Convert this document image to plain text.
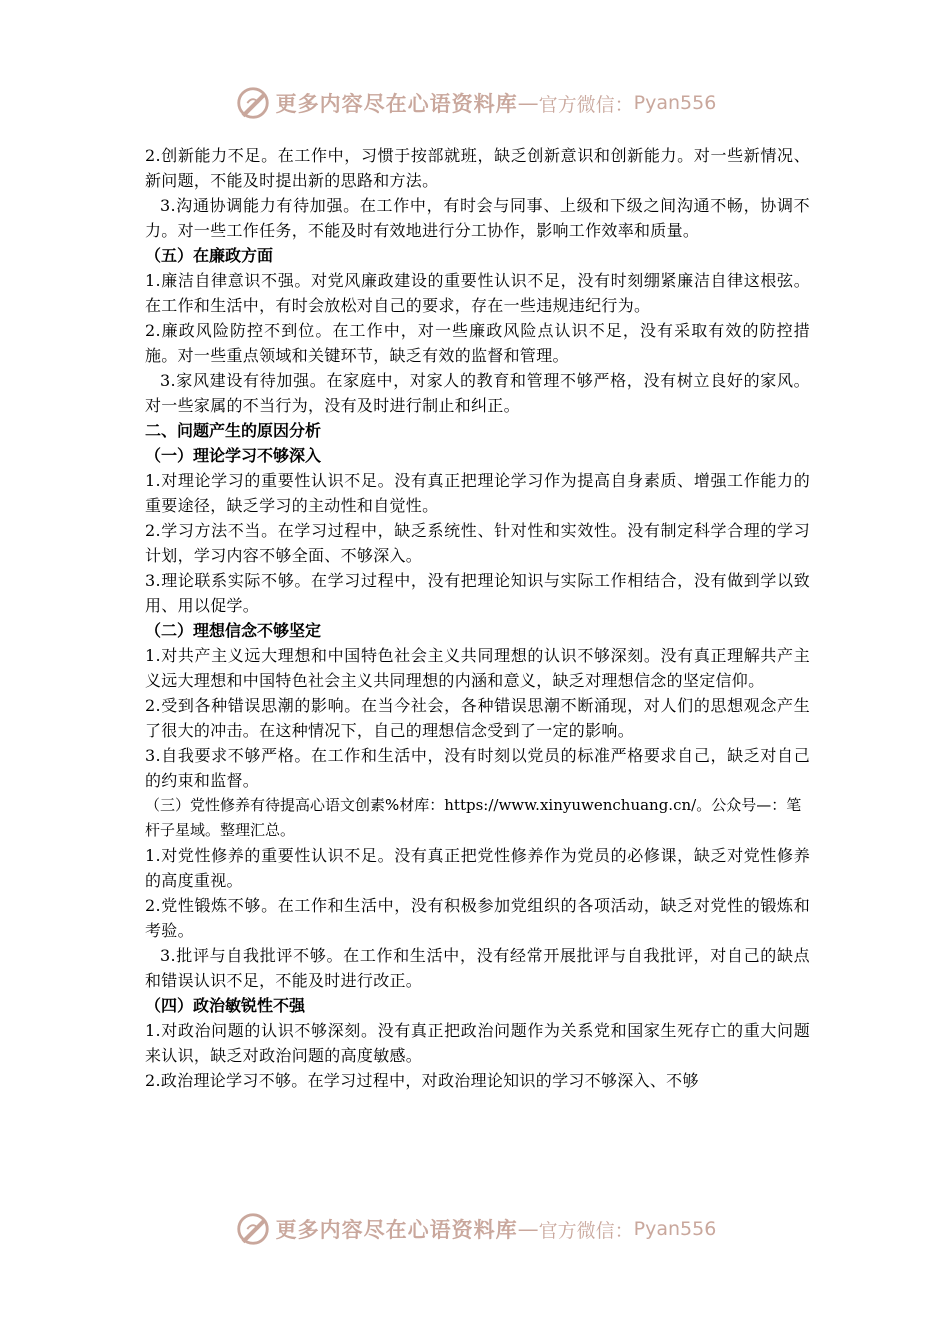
更多内容尽在心语资料库 — 官方微信： Pyan556

2.创新能力不足。在工作中，习惯于按部就班，缺乏创新意识和创新能力。对一些新情况、新问题，不能及时提出新的思路和方法。

3.沟通协调能力有待加强。在工作中，有时会与同事、上级和下级之间沟通不畅，协调不力。对一些工作任务，不能及时有效地进行分工协作，影响工作效率和质量。

（五）在廉政方面

1.廉洁自律意识不强。对党风廉政建设的重要性认识不足，没有时刻绷紧廉洁自律这根弦。在工作和生活中，有时会放松对自己的要求，存在一些违规违纪行为。

2.廉政风险防控不到位。在工作中，对一些廉政风险点认识不足，没有采取有效的防控措施。对一些重点领域和关键环节，缺乏有效的监督和管理。

3.家风建设有待加强。在家庭中，对家人的教育和管理不够严格，没有树立良好的家风。对一些家属的不当行为，没有及时进行制止和纠正。

二、问题产生的原因分析

（一）理论学习不够深入

1.对理论学习的重要性认识不足。没有真正把理论学习作为提高自身素质、增强工作能力的重要途径，缺乏学习的主动性和自觉性。

2.学习方法不当。在学习过程中，缺乏系统性、针对性和实效性。没有制定科学合理的学习计划，学习内容不够全面、不够深入。

3.理论联系实际不够。在学习过程中，没有把理论知识与实际工作相结合，没有做到学以致用、用以促学。

（二）理想信念不够坚定

1.对共产主义远大理想和中国特色社会主义共同理想的认识不够深刻。没有真正理解共产主义远大理想和中国特色社会主义共同理想的内涵和意义，缺乏对理想信念的坚定信仰。

2.受到各种错误思潮的影响。在当今社会，各种错误思潮不断涌现，对人们的思想观念产生了很大的冲击。在这种情况下，自己的理想信念受到了一定的影响。

3.自我要求不够严格。在工作和生活中，没有时刻以党员的标准严格要求自己，缺乏对自己的约束和监督。

（三）党性修养有待提高心语文创素%材库：https://www.xinyuwenchuang.cn/。公众号—：笔杆子星域。整理汇总。

1.对党性修养的重要性认识不足。没有真正把党性修养作为党员的必修课，缺乏对党性修养的高度重视。

2.党性锻炼不够。在工作和生活中，没有积极参加党组织的各项活动，缺乏对党性的锻炼和考验。

3.批评与自我批评不够。在工作和生活中，没有经常开展批评与自我批评，对自己的缺点和错误认识不足，不能及时进行改正。

（四）政治敏锐性不强

1.对政治问题的认识不够深刻。没有真正把政治问题作为关系党和国家生死存亡的重大问题来认识，缺乏对政治问题的高度敏感。

2.政治理论学习不够。在学习过程中，对政治理论知识的学习不够深入、不够

更多内容尽在心语资料库 — 官方微信： Pyan556
